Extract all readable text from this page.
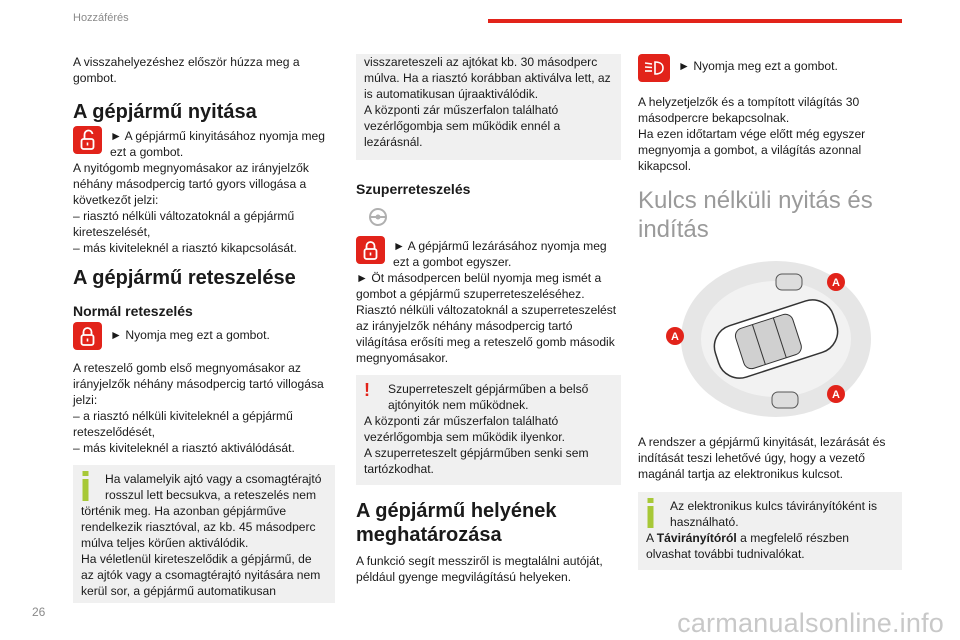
Hozzáférés

A visszahelyezéshez először húzza meg a gombot.

A gépjármű nyitása
► A gépjármű kinyitásához nyomja meg
ezt a gombot.

A nyitógomb megnyomásakor az irányjelzők néhány másodpercig tartó gyors villogása a következőt jelzi:

– riasztó nélküli változatoknál a gépjármű kireteszelését,

– más kiviteleknél a riasztó kikapcsolását.

A gépjármű reteszelése
Normál reteszelés
► Nyomja meg ezt a gombot.

A reteszelő gomb első megnyomásakor az irányjelzők néhány másodpercig tartó villogása jelzi:

– a riasztó nélküli kiviteleknél a gépjármű reteszelődését,

– más kiviteleknél a riasztó aktiválódását.

Ha valamelyik ajtó vagy a csomagtérajtó rosszul lett becsukva, a reteszelés nem

történik meg. Ha azonban gépjárműve rendelkezik riasztóval, az kb. 45 másodperc múlva teljes körűen aktiválódik.

Ha véletlenül kireteszelődik a gépjármű, de az ajtók vagy a csomagtérajtó nyitására nem kerül sor, a gépjármű automatikusan

visszareteszeli az ajtókat kb. 30 másodperc múlva. Ha a riasztó korábban aktiválva lett, az is automatikusan újraaktiválódik.

A központi zár műszerfalon található vezérlőgombja sem működik ennél a lezárásnál.

Szuperreteszelés
► A gépjármű lezárásához nyomja meg
ezt a gombot egyszer.

► Öt másodpercen belül nyomja meg ismét a gombot a gépjármű szuperreteszeléséhez.

Riasztó nélküli változatoknál a szuperreteszelést az irányjelzők néhány másodpercig tartó világítása erősíti meg a reteszelő gomb második megnyomásakor.

!	Szuperreteszelt gépjárműben a belső
ajtónyitók nem működnek.

A központi zár műszerfalon található vezérlőgombja sem működik ilyenkor.

A szuperreteszelt gépjárműben senki sem tartózkodhat.

A gépjármű helyének
meghatározása

A funkció segít messziről is megtalálni autóját, például gyenge megvilágítású helyeken.

► Nyomja meg ezt a gombot.

A helyzetjelzők és a tompított világítás 30 másodpercre bekapcsolnak.

Ha ezen időtartam vége előtt még egyszer megnyomja a gombot, a világítás azonnal kikapcsol.

Kulcs nélküli nyitás és
indítás
A
A
A

A rendszer a gépjármű kinyitását, lezárását és indítását teszi lehetővé úgy, hogy a vezető magánál tartja az elektronikus kulcsot.

Az elektronikus kulcs távirányítóként is
használható.

A Távirányítóról a megfelelő részben olvashat további tudnivalókat.

26	carmanualsonline.info
